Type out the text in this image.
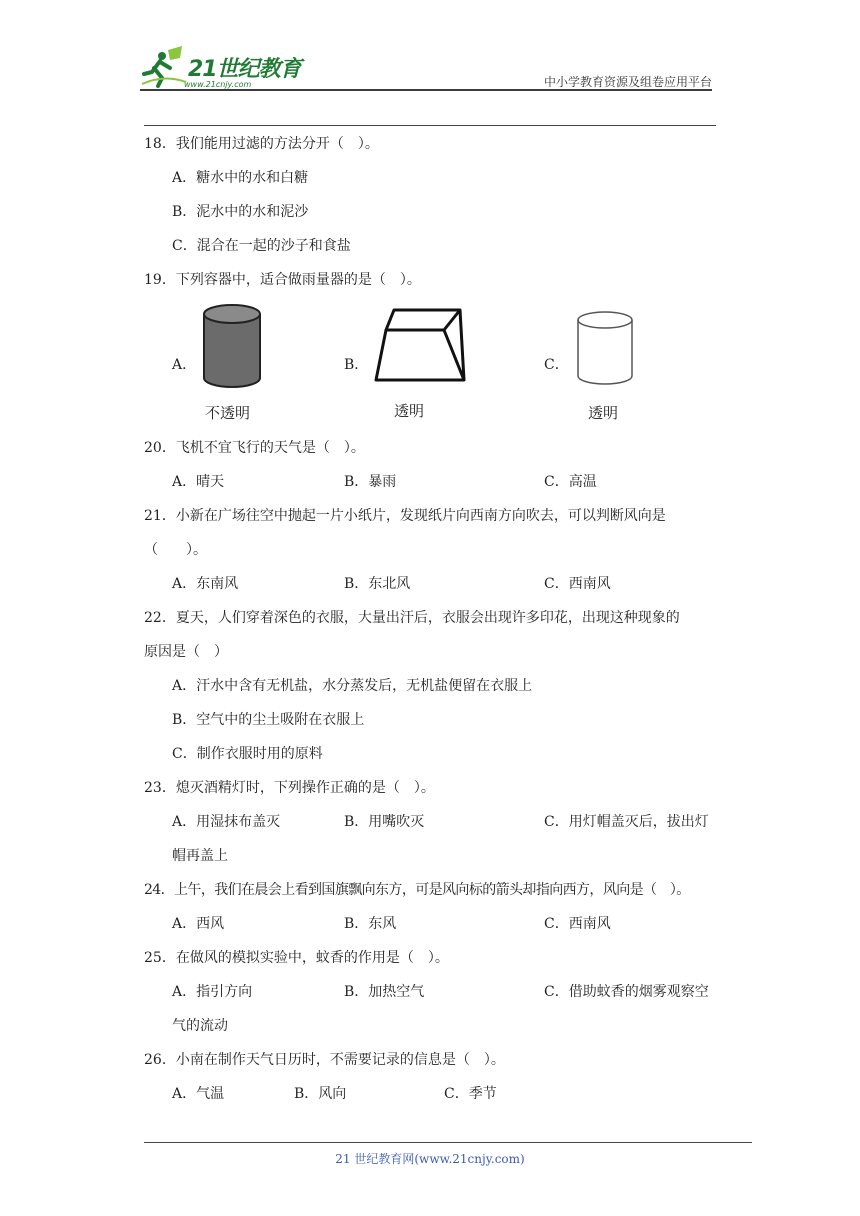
21世纪教育
www.21cnjy.com	中小学教育资源及组卷应用平台
18．我们能用过滤的方法分开（　）。
A．糖水中的水和白糖
B．泥水中的水和泥沙
C．混合在一起的沙子和食盐
19．下列容器中，适合做雨量器的是（　）。
A．
不透明
B．
透明
C．
透明
20．飞机不宜飞行的天气是（　）。
A．晴天	B．暴雨	C．高温
21．小新在广场往空中抛起一片小纸片，发现纸片向西南方向吹去，可以判断风向是
（　　）。
A．东南风	B．东北风	C．西南风
22．夏天，人们穿着深色的衣服，大量出汗后，衣服会出现许多印花，出现这种现象的
原因是（　）
A．汗水中含有无机盐，水分蒸发后，无机盐便留在衣服上
B．空气中的尘土吸附在衣服上
C．制作衣服时用的原料
23．熄灭酒精灯时，下列操作正确的是（　）。
A．用湿抹布盖灭	B．用嘴吹灭	C．用灯帽盖灭后，拔出灯
帽再盖上
24．上午，我们在晨会上看到国旗飘向东方，可是风向标的箭头却指向西方，风向是（　）。
A．西风	B．东风	C．西南风
25．在做风的模拟实验中，蚊香的作用是（　）。
A．指引方向	B．加热空气	C．借助蚊香的烟雾观察空
气的流动
26．小南在制作天气日历时，不需要记录的信息是（　）。
A．气温	B．风向	C．季节
21 世纪教育网(www.21cnjy.com)
